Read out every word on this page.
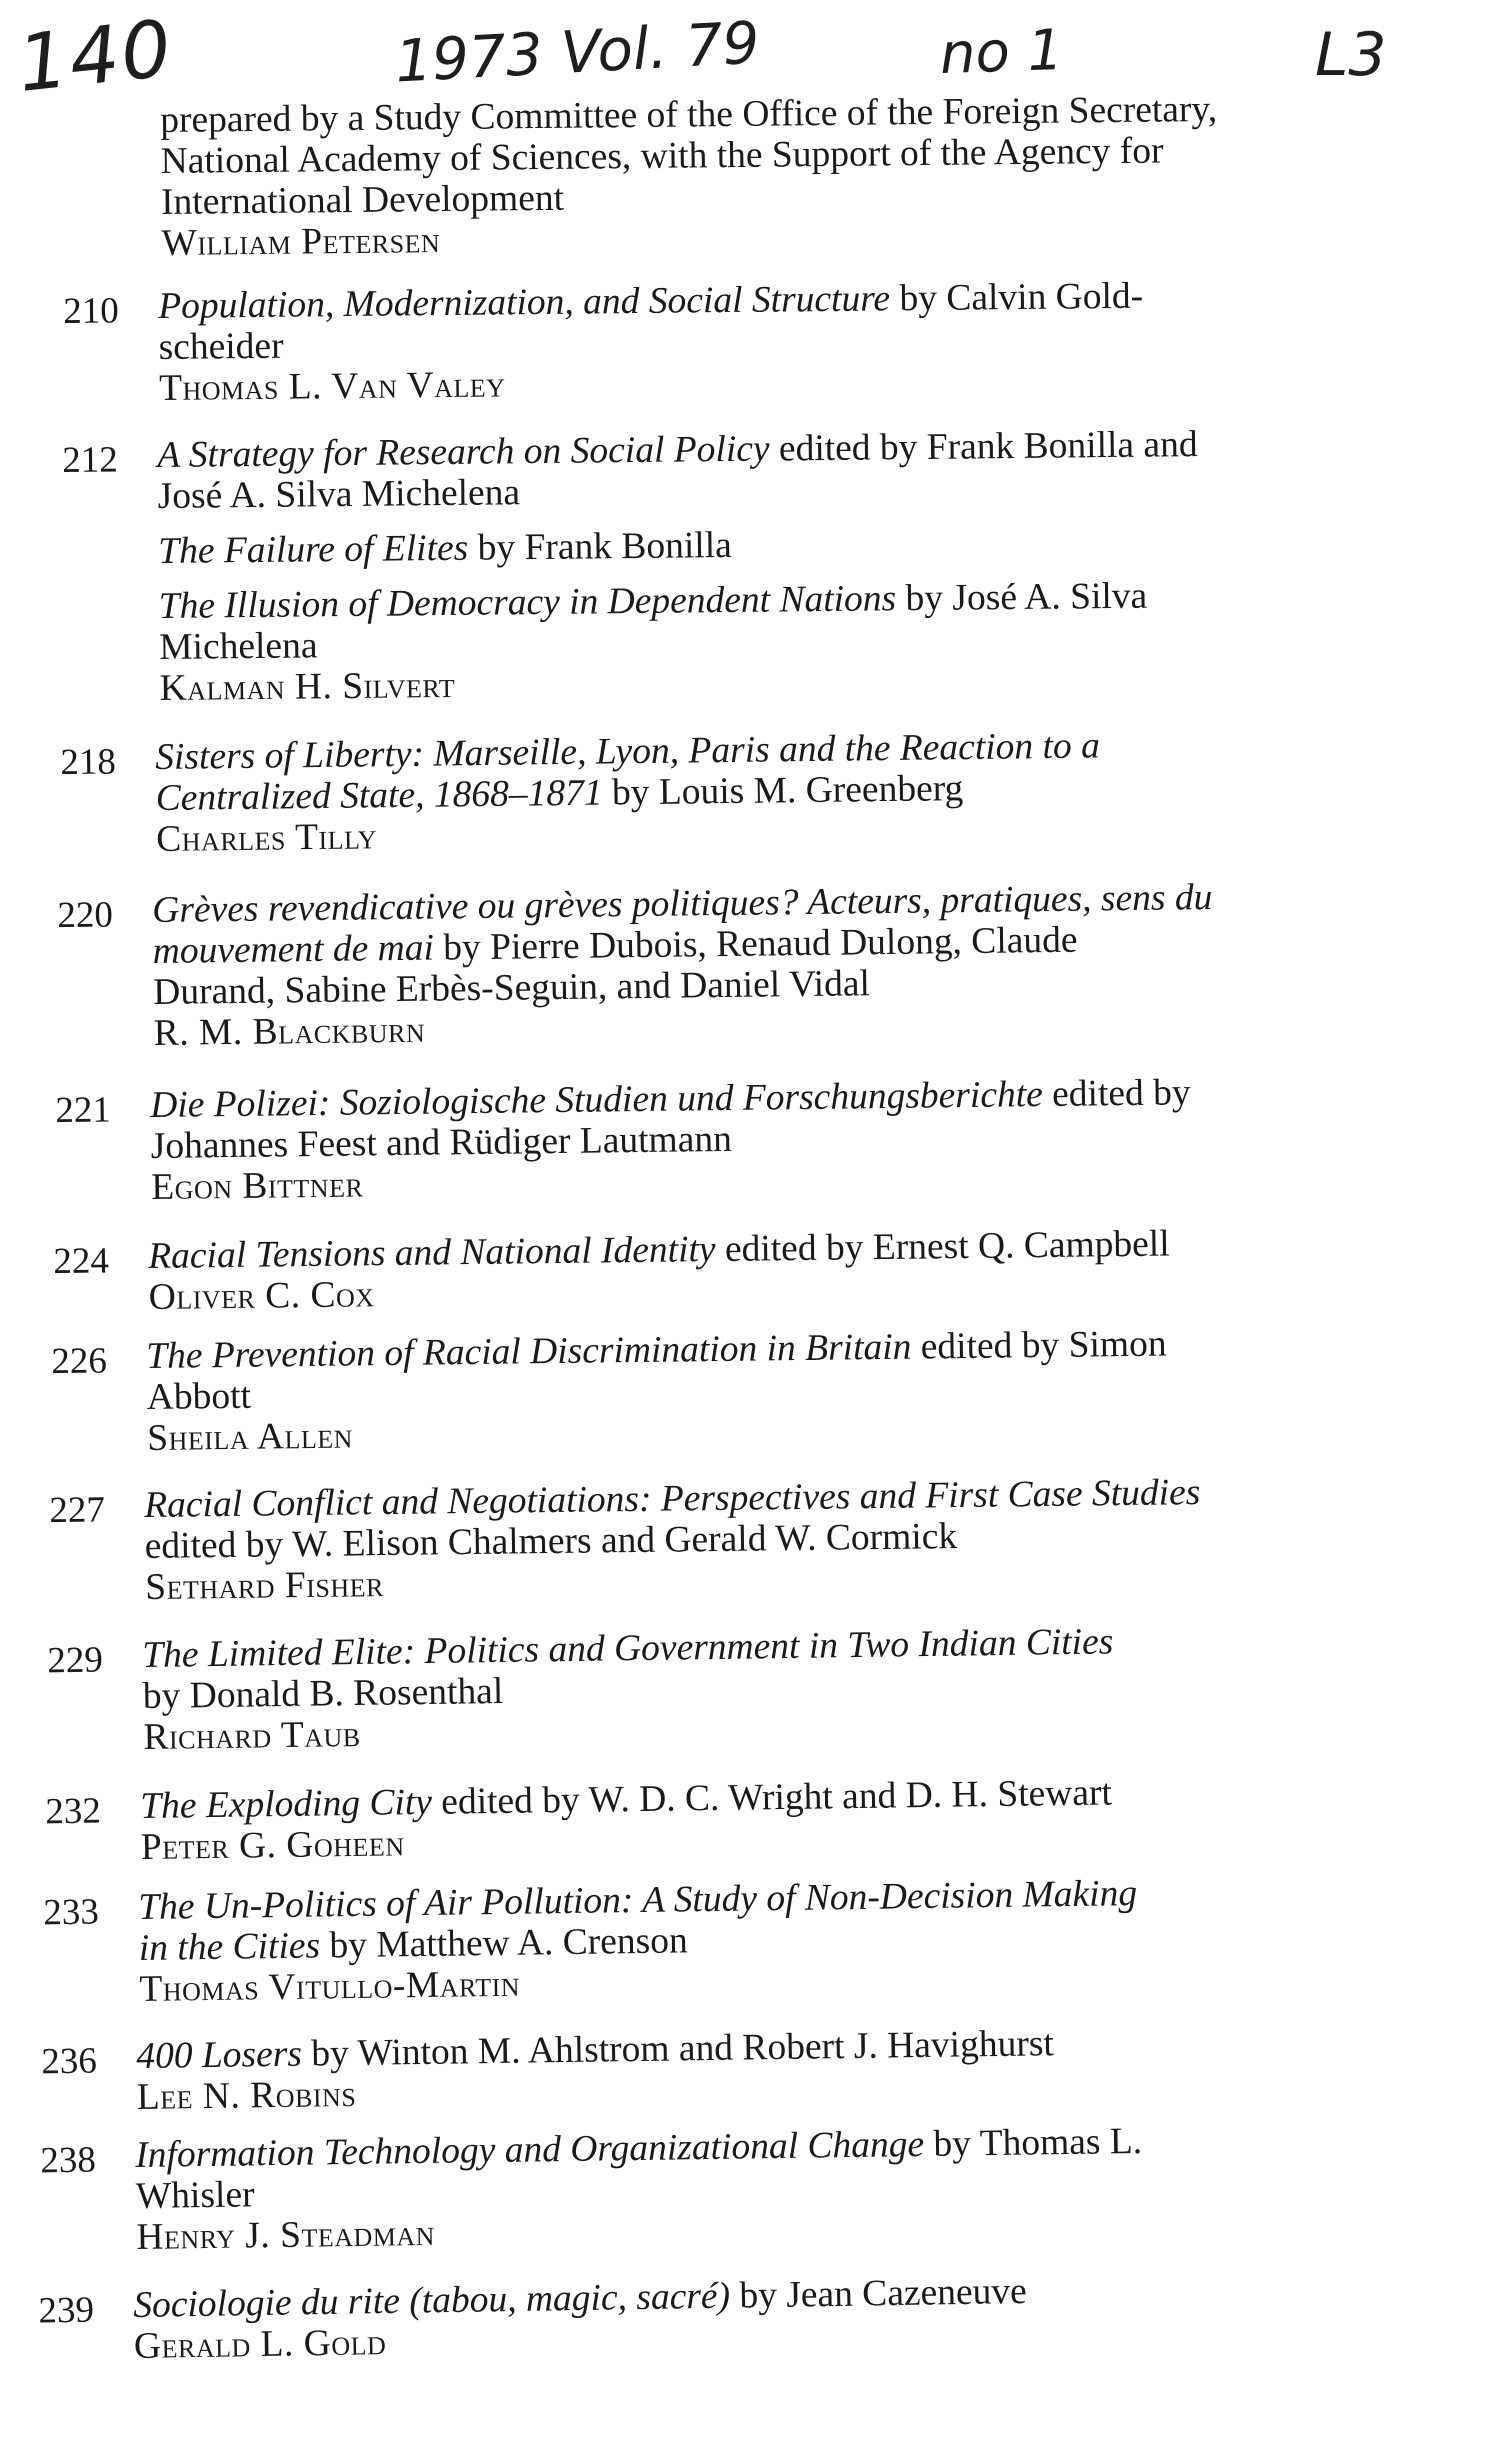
140	1973 Vol. 79	no 1	L3
prepared by a Study Committee of the Office of the Foreign Secretary,
National Academy of Sciences, with the Support of the Agency for
International Development
William Petersen
210 Population, Modernization, and Social Structure by Calvin Gold-
scheider
Thomas L. Van Valey
212 A Strategy for Research on Social Policy edited by Frank Bonilla and
José A. Silva Michelena
The Failure of Elites by Frank Bonilla
The Illusion of Democracy in Dependent Nations by José A. Silva
Michelena
Kalman H. Silvert
218 Sisters of Liberty: Marseille, Lyon, Paris and the Reaction to a
Centralized State, 1868–1871 by Louis M. Greenberg
Charles Tilly
220 Grèves revendicative ou grèves politiques? Acteurs, pratiques, sens du
mouvement de mai by Pierre Dubois, Renaud Dulong, Claude
Durand, Sabine Erbès-Seguin, and Daniel Vidal
R. M. Blackburn
221 Die Polizei: Soziologische Studien und Forschungsberichte edited by
Johannes Feest and Rüdiger Lautmann
Egon Bittner
224 Racial Tensions and National Identity edited by Ernest Q. Campbell
Oliver C. Cox
226 The Prevention of Racial Discrimination in Britain edited by Simon
Abbott
Sheila Allen
227 Racial Conflict and Negotiations: Perspectives and First Case Studies
edited by W. Elison Chalmers and Gerald W. Cormick
Sethard Fisher
229 The Limited Elite: Politics and Government in Two Indian Cities
by Donald B. Rosenthal
Richard Taub
232 The Exploding City edited by W. D. C. Wright and D. H. Stewart
Peter G. Goheen
233 The Un-Politics of Air Pollution: A Study of Non-Decision Making
in the Cities by Matthew A. Crenson
Thomas Vitullo-Martin
236 400 Losers by Winton M. Ahlstrom and Robert J. Havighurst
Lee N. Robins
238 Information Technology and Organizational Change by Thomas L.
Whisler
Henry J. Steadman
239 Sociologie du rite (tabou, magic, sacré) by Jean Cazeneuve
Gerald L. Gold
